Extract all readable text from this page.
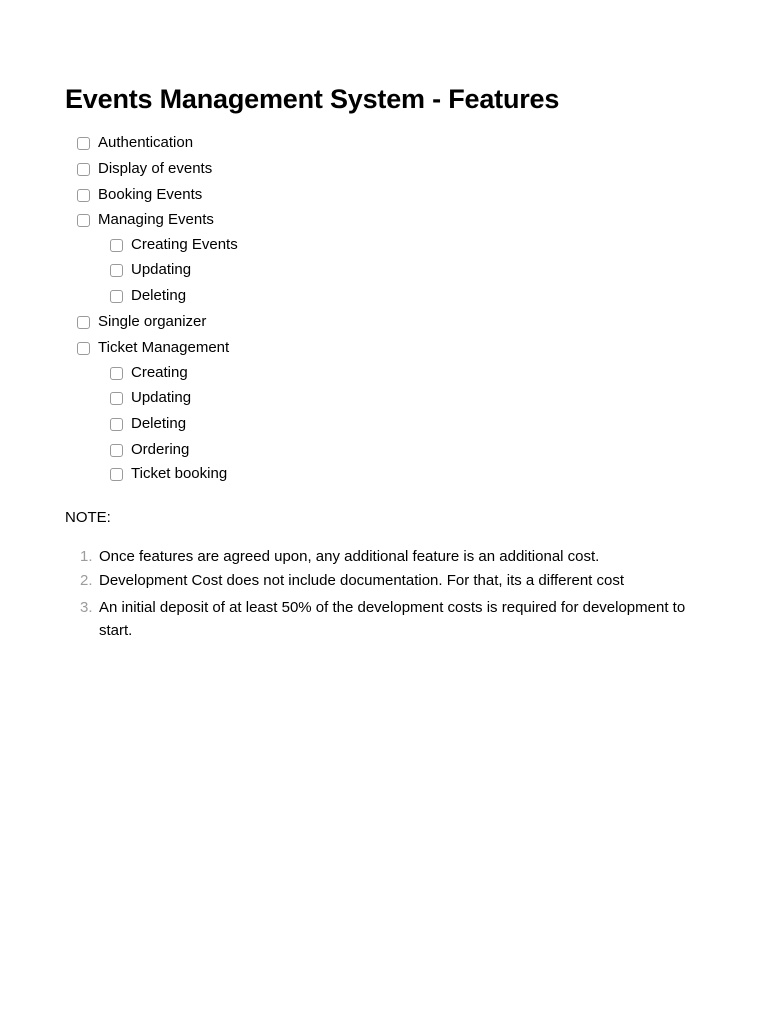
Events Management System - Features
Authentication
Display of events
Booking Events
Managing Events
Creating Events
Updating
Deleting
Single organizer
Ticket Management
Creating
Updating
Deleting
Ordering
Ticket booking
NOTE:
1. Once features are agreed upon, any additional feature is an additional cost.
2. Development Cost does not include documentation. For that, its a different cost
3. An initial deposit of at least 50% of the development costs is required for development to start.
